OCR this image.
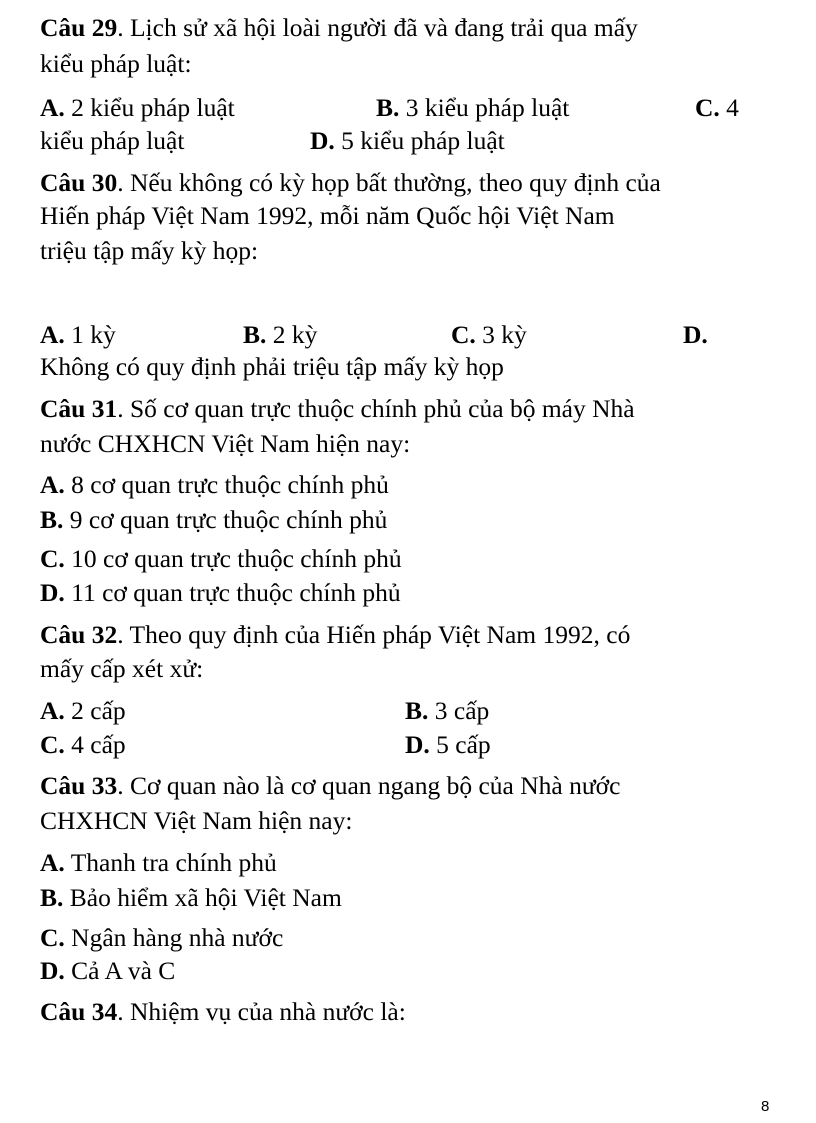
Câu 29. Lịch sử xã hội loài người đã và đang trải qua mấy
kiểu pháp luật:
A. 2 kiểu pháp luật	B. 3 kiểu pháp luật	C. 4
kiểu pháp luật	D. 5 kiểu pháp luật
Câu 30. Nếu không có kỳ họp bất thường, theo quy định của
Hiến pháp Việt Nam 1992, mỗi năm Quốc hội Việt Nam
triệu tập mấy kỳ họp:
A. 1 kỳ	B. 2 kỳ	C. 3 kỳ	D.
Không có quy định phải triệu tập mấy kỳ họp
Câu 31. Số cơ quan trực thuộc chính phủ của bộ máy Nhà
nước CHXHCN Việt Nam hiện nay:
A. 8 cơ quan trực thuộc chính phủ
B. 9 cơ quan trực thuộc chính phủ
C. 10 cơ quan trực thuộc chính phủ
D. 11 cơ quan trực thuộc chính phủ
Câu 32. Theo quy định của Hiến pháp Việt Nam 1992, có
mấy cấp xét xử:
A. 2 cấp	B. 3 cấp
C. 4 cấp	D. 5 cấp
Câu 33. Cơ quan nào là cơ quan ngang bộ của Nhà nước
CHXHCN Việt Nam hiện nay:
A. Thanh tra chính phủ
B. Bảo hiểm xã hội Việt Nam
C. Ngân hàng nhà nước
D. Cả A và C
Câu 34. Nhiệm vụ của nhà nước là:
8
